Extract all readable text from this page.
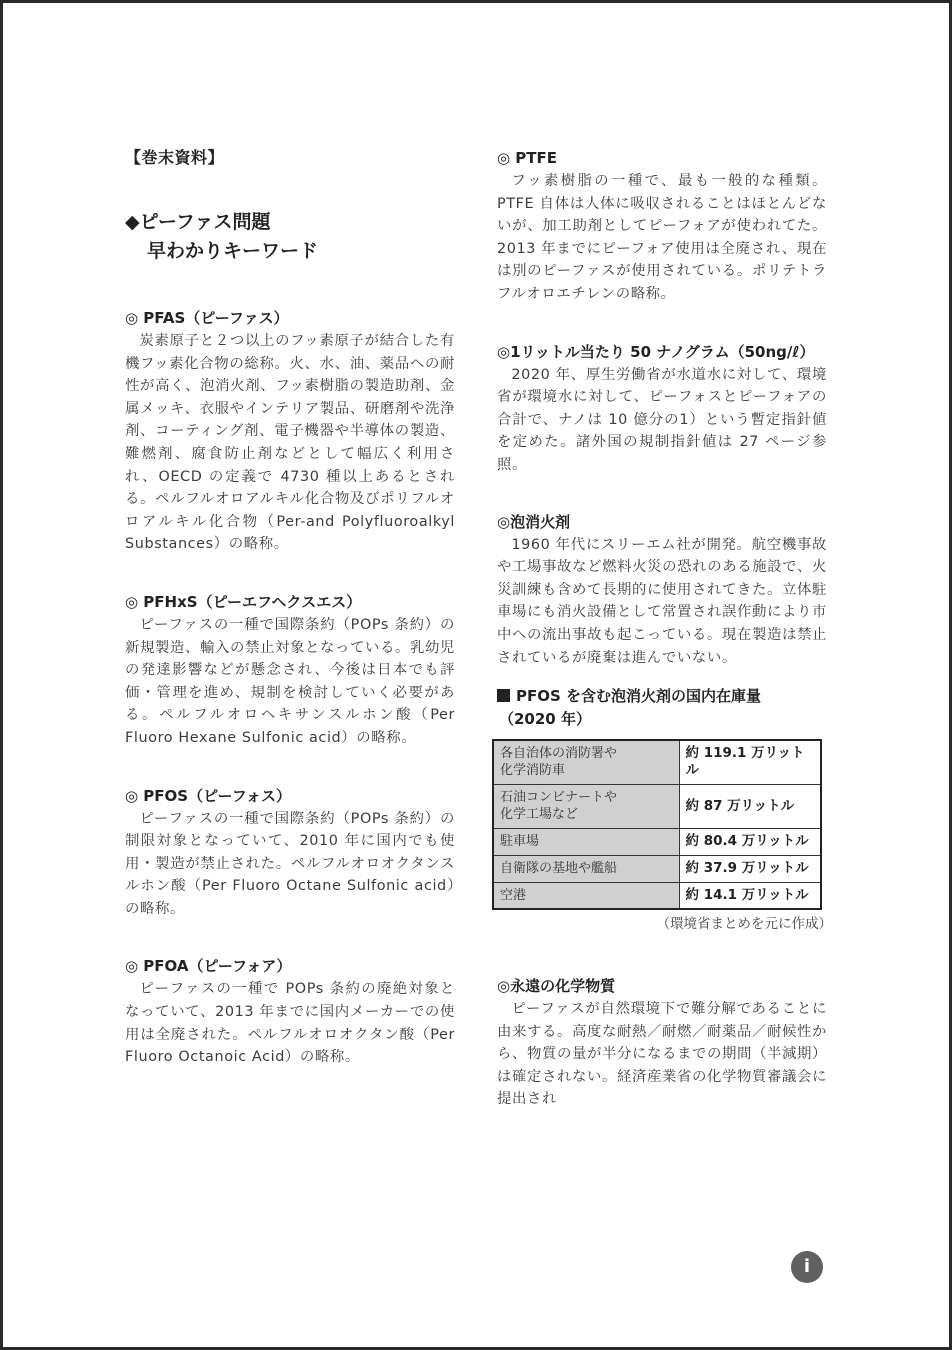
【巻末資料】
◆ピーファス問題
早わかりキーワード
◎ PFAS（ピーファス）

炭素原子と２つ以上のフッ素原子が結合した有機フッ素化合物の総称。火、水、油、薬品への耐性が高く、泡消火剤、フッ素樹脂の製造助剤、金属メッキ、衣服やインテリア製品、研磨剤や洗浄剤、コーティング剤、電子機器や半導体の製造、難燃剤、腐食防止剤などとして幅広く利用され、OECD の定義で 4730 種以上あるとされる。ペルフルオロアルキル化合物及びポリフルオロアルキル化合物（Per-and Polyfluoroalkyl Substances）の略称。

◎ PFHxS（ピーエフヘクスエス）

ピーファスの一種で国際条約（POPs 条約）の新規製造、輸入の禁止対象となっている。乳幼児の発達影響などが懸念され、今後は日本でも評価・管理を進め、規制を検討していく必要がある。ペルフルオロヘキサンスルホン酸（Per Fluoro Hexane Sulfonic acid）の略称。

◎ PFOS（ピーフォス）

ピーファスの一種で国際条約（POPs 条約）の制限対象となっていて、2010 年に国内でも使用・製造が禁止された。ペルフルオロオクタンスルホン酸（Per Fluoro Octane Sulfonic acid）の略称。

◎ PFOA（ピーフォア）

ピーファスの一種で POPs 条約の廃絶対象となっていて、2013 年までに国内メーカーでの使用は全廃された。ペルフルオロオクタン酸（Per Fluoro Octanoic Acid）の略称。

◎ PTFE

フッ素樹脂の一種で、最も一般的な種類。PTFE 自体は人体に吸収されることはほとんどないが、加工助剤としてピーフォアが使われてた。2013 年までにピーフォア使用は全廃され、現在は別のピーファスが使用されている。ポリテトラフルオロエチレンの略称。

◎1リットル当たり 50 ナノグラム（50ng/ℓ）

2020 年、厚生労働省が水道水に対して、環境省が環境水に対して、ピーフォスとピーフォアの合計で、ナノは 10 億分の1）という暫定指針値を定めた。諸外国の規制指針値は 27 ページ参照。

◎泡消火剤

1960 年代にスリーエム社が開発。航空機事故や工場事故など燃料火災の恐れのある施設で、火災訓練も含めて長期的に使用されてきた。立体駐車場にも消火設備として常置され誤作動により市中への流出事故も起こっている。現在製造は禁止されているが廃棄は進んでいない。

PFOS を含む泡消火剤の国内在庫量
（2020 年）
各自治体の消防署や
化学消防車	約 119.1 万リットル
石油コンビナートや
化学工場など	約 87 万リットル
駐車場	約 80.4 万リットル
自衛隊の基地や艦船	約 37.9 万リットル
空港	約 14.1 万リットル
（環境省まとめを元に作成）
◎永遠の化学物質

ピーファスが自然環境下で難分解であることに由来する。高度な耐熱／耐燃／耐薬品／耐候性から、物質の量が半分になるまでの期間（半減期）は確定されない。経済産業省の化学物質審議会に提出され

i
